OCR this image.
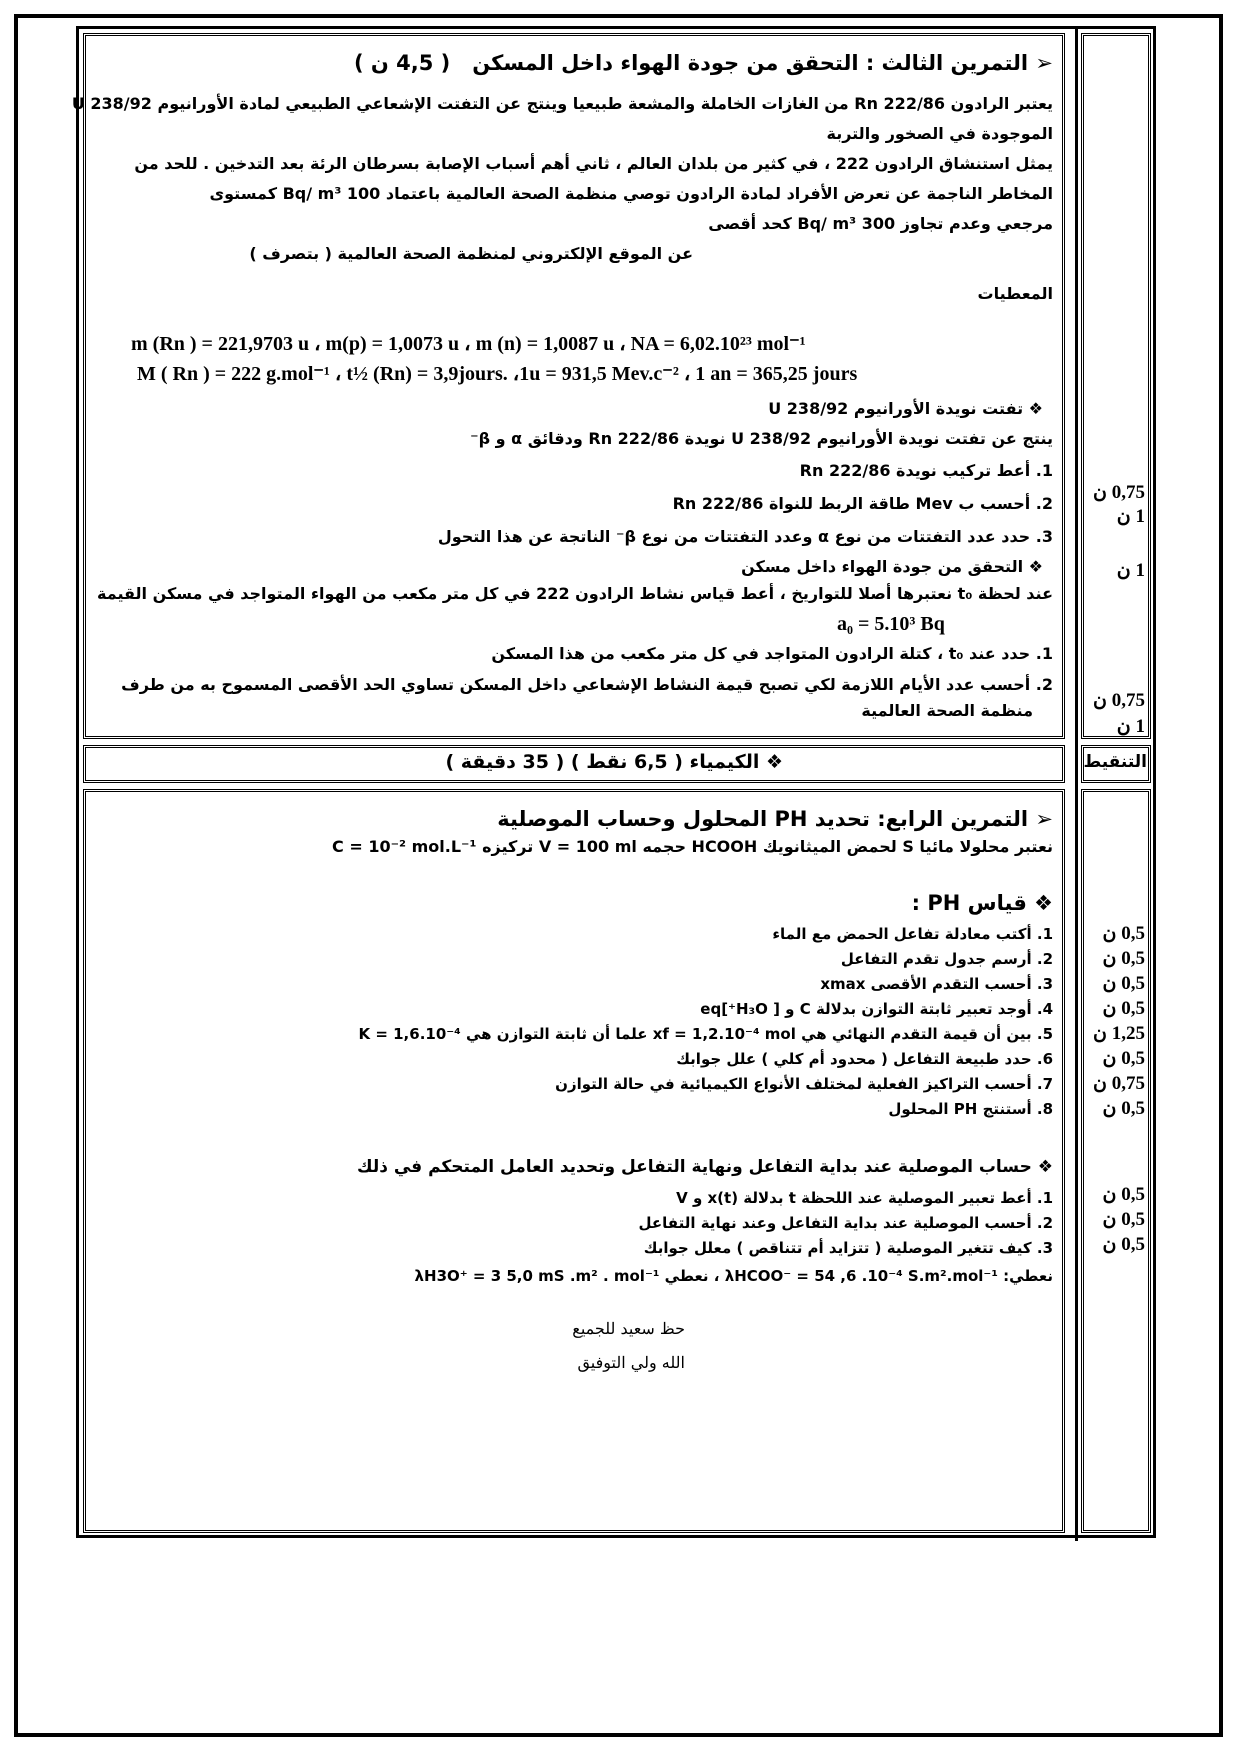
➢ التمرين الثالث : التحقق من جودة الهواء داخل المسكن   ( 4,5 ن )
يعتبر الرادون 222/86 Rn من الغازات الخاملة والمشعة طبيعيا وينتج عن التفتت الإشعاعي الطبيعي لمادة الأورانيوم 238/92 U
الموجودة في الصخور والتربة
يمثل استنشاق الرادون 222 ، في كثير من بلدان العالم ، ثاني أهم أسباب الإصابة بسرطان الرئة بعد التدخين . للحد من
المخاطر الناجمة عن تعرض الأفراد لمادة الرادون توصي منظمة الصحة العالمية باعتماد 100 Bq/ m³ كمستوى
مرجعي وعدم تجاوز 300 Bq/ m³ كحد أقصى
عن الموقع الإلكتروني لمنظمة الصحة العالمية ( بتصرف )
المعطيات
m (Rn ) = 221,9703 u ، m(p) = 1,0073 u ، m (n) = 1,0087 u ، NA = 6,02.10²³ mol⁻¹
M ( Rn ) = 222 g.mol⁻¹ ، t½ (Rn) = 3,9jours. ،1u = 931,5 Mev.c⁻² ، 1 an = 365,25 jours
❖ تفتت نويدة الأورانيوم 238/92 U
ينتج عن تفتت نويدة الأورانيوم 238/92 U نويدة 222/86 Rn ودقائق α و β⁻
1. أعط تركيب نويدة 222/86 Rn
2. أحسب ب Mev طاقة الربط للنواة 222/86 Rn
3. حدد عدد التفتتات من نوع α وعدد التفتتات من نوع β⁻ الناتجة عن هذا التحول
❖ التحقق من جودة الهواء داخل مسكن
عند لحظة t₀ نعتبرها أصلا للتواريخ ، أعط قياس نشاط الرادون 222 في كل متر مكعب من الهواء المتواجد في مسكن القيمة
a₀ = 5.10³ Bq
1. حدد عند t₀ ، كتلة الرادون المتواجد في كل متر مكعب من هذا المسكن
2. أحسب عدد الأيام اللازمة لكي تصبح قيمة النشاط الإشعاعي داخل المسكن تساوي الحد الأقصى المسموح به من طرف
منظمة الصحة العالمية
0,75 ن
1 ن
1 ن
0,75 ن
1 ن
❖ الكيمياء ( 6,5 نقط ) ( 35 دقيقة )	التنقيط
➢ التمرين الرابع: تحديد PH المحلول وحساب الموصلية
نعتبر محلولا مائيا S لحمض الميثانويك HCOOH حجمه V = 100 ml تركيزه C = 10⁻² mol.L⁻¹
❖ قياس PH :
1. أكتب معادلة تفاعل الحمض مع الماء
2. أرسم جدول تقدم التفاعل
3. أحسب التقدم الأقصى xmax
4. أوجد تعبير ثابتة التوازن بدلالة C و [ H₃O⁺]eq
5. بين أن قيمة التقدم النهائي هي xf = 1,2.10⁻⁴ mol علما أن ثابتة التوازن هي K = 1,6.10⁻⁴
6. حدد طبيعة التفاعل ( محدود أم كلي ) علل جوابك
7. أحسب التراكيز الفعلية لمختلف الأنواع الكيميائية في حالة التوازن
8. أستنتج PH المحلول
0,5 ن
0,5 ن
0,5 ن
0,5 ن
1,25 ن
0,5 ن
0,75 ن
0,5 ن
❖ حساب الموصلية عند بداية التفاعل ونهاية التفاعل وتحديد العامل المتحكم في ذلك
1. أعط تعبير الموصلية عند اللحظة t بدلالة x(t) و V
2. أحسب الموصلية عند بداية التفاعل وعند نهاية التفاعل
3. كيف تتغير الموصلية ( تتزايد أم تتناقص ) معلل جوابك
نعطي: λHCOO⁻ = 54 ,6 .10⁻⁴ S.m².mol⁻¹ ، نعطي λH3O⁺ = 3 5,0 mS .m² . mol⁻¹
0,5 ن
0,5 ن
0,5 ن
حظ سعيد للجميع
الله ولي التوفيق
